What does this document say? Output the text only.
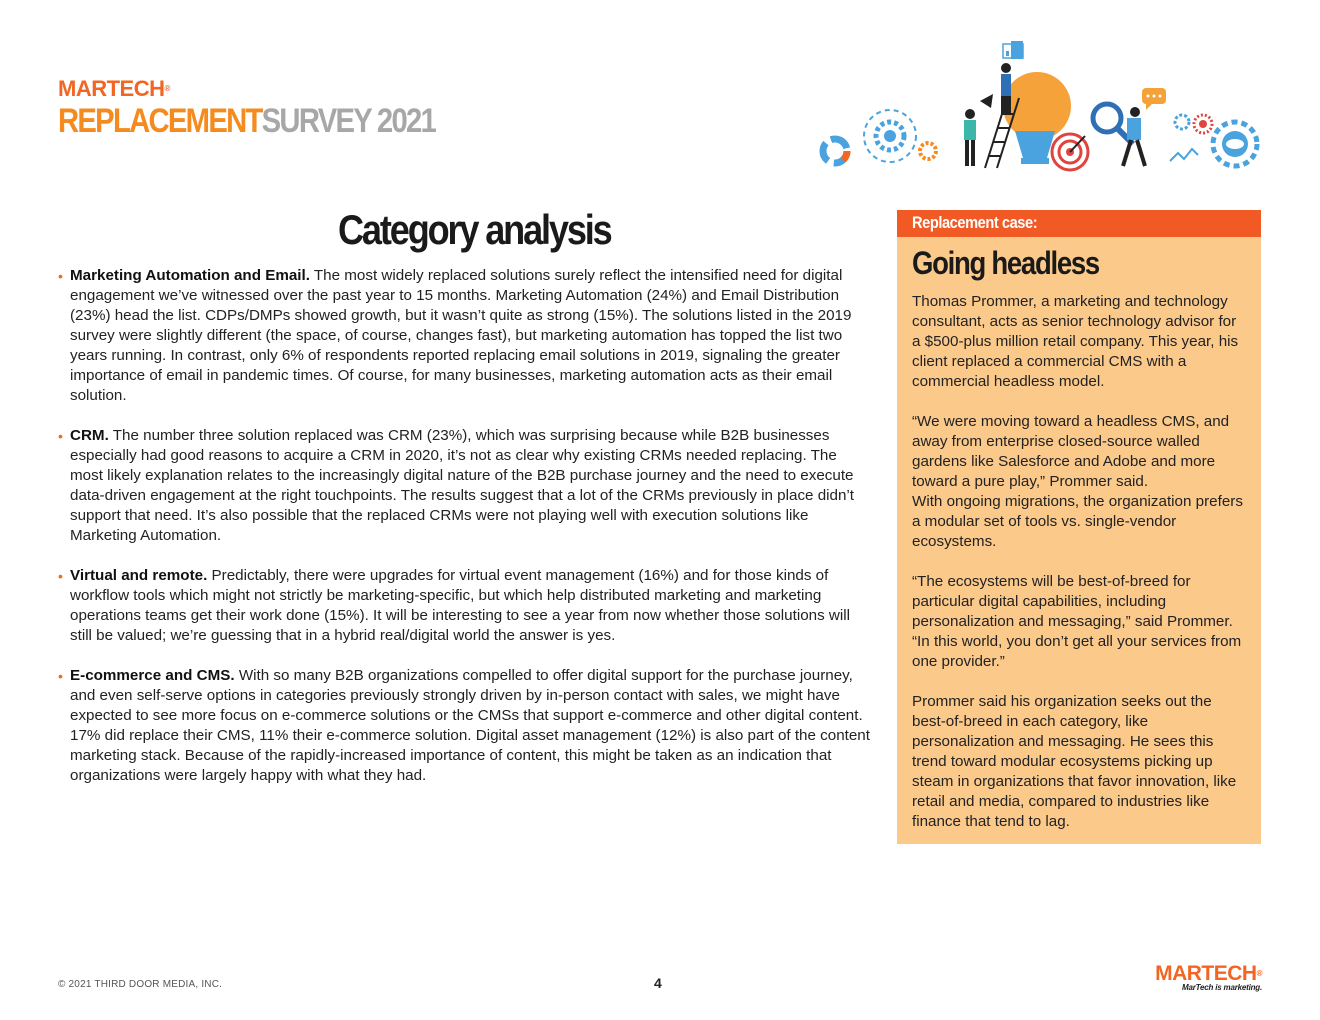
MARTECH®
REPLACEMENTSURVEY 2021
Category analysis
• Marketing Automation and Email. The most widely replaced solutions surely reflect the intensified need for digital engagement we’ve witnessed over the past year to 15 months. Marketing Automation (24%) and Email Distribution (23%) head the list. CDPs/DMPs showed growth, but it wasn’t quite as strong (15%). The solutions listed in the 2019 survey were slightly different (the space, of course, changes fast), but marketing automation has topped the list two years running. In contrast, only 6% of respondents reported replacing email solutions in 2019, signaling the greater importance of email in pandemic times. Of course, for many businesses, marketing automation acts as their email solution.
• CRM. The number three solution replaced was CRM (23%), which was surprising because while B2B businesses especially had good reasons to acquire a CRM in 2020, it’s not as clear why existing CRMs needed replacing. The most likely explanation relates to the increasingly digital nature of the B2B purchase journey and the need to execute data-driven engagement at the right touchpoints. The results suggest that a lot of the CRMs previously in place didn’t support that need. It’s also possible that the replaced CRMs were not playing well with execution solutions like Marketing Automation.
• Virtual and remote. Predictably, there were upgrades for virtual event management (16%) and for those kinds of workflow tools which might not strictly be marketing-specific, but which help distributed marketing and marketing operations teams get their work done (15%). It will be interesting to see a year from now whether those solutions will still be valued; we’re guessing that in a hybrid real/digital world the answer is yes.
• E-commerce and CMS. With so many B2B organizations compelled to offer digital support for the purchase journey, and even self-serve options in categories previously strongly driven by in-person contact with sales, we might have expected to see more focus on e-commerce solutions or the CMSs that support e-commerce and other digital content. 17% did replace their CMS, 11% their e-commerce solution. Digital asset management (12%) is also part of the content marketing stack. Because of the rapidly-increased importance of content, this might be taken as an indication that organizations were largely happy with what they had.
Replacement case:
Going headless

Thomas Prommer, a marketing and technology consultant, acts as senior technology advisor for a $500-plus million retail company. This year, his client replaced a commercial CMS with a commercial headless model.

“We were moving toward a headless CMS, and away from enterprise closed-source walled gardens like Salesforce and Adobe and more toward a pure play,” Prommer said.

With ongoing migrations, the organization prefers a modular set of tools vs. single-vendor ecosystems.

“The ecosystems will be best-of-breed for particular digital capabilities, including personalization and messaging,” said Prommer. “In this world, you don’t get all your services from one provider.”

Prommer said his organization seeks out the best-of-breed in each category, like personalization and messaging. He sees this trend toward modular ecosystems picking up steam in organizations that favor innovation, like retail and media, compared to industries like finance that tend to lag.

© 2021 THIRD DOOR MEDIA, INC.	4	MARTECH®
MarTech is marketing.
